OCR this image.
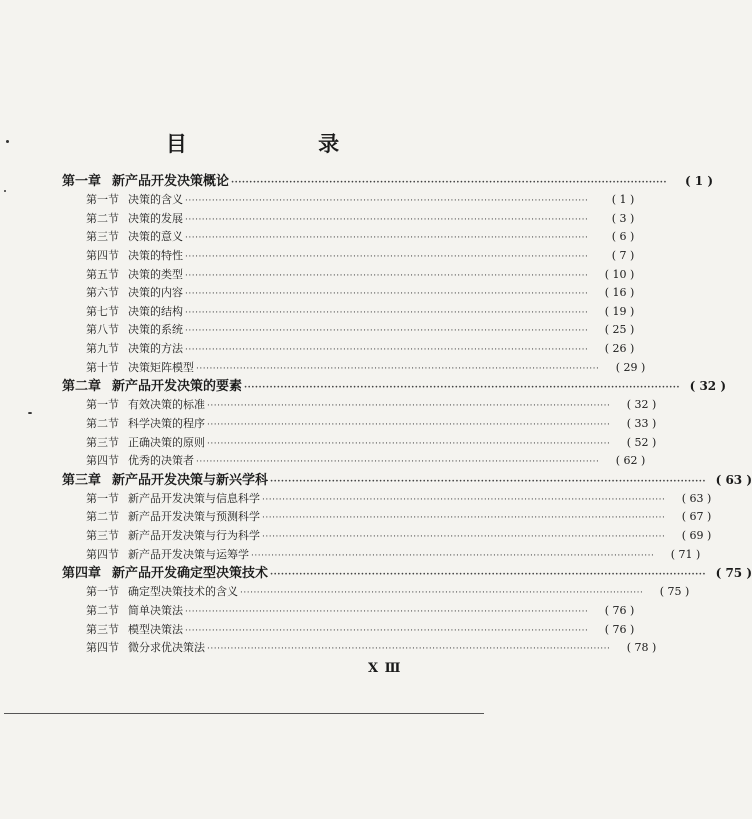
目 录
第一章 新产品开发决策概论 ························································································································	( 1 )
第一节 决策的含义 ························································································································	( 1 )
第二节 决策的发展 ························································································································	( 3 )
第三节 决策的意义 ························································································································	( 6 )
第四节 决策的特性 ························································································································	( 7 )
第五节 决策的类型 ························································································································	( 10 )
第六节 决策的内容 ························································································································	( 16 )
第七节 决策的结构 ························································································································	( 19 )
第八节 决策的系统 ························································································································	( 25 )
第九节 决策的方法 ························································································································	( 26 )
第十节 决策矩阵模型 ························································································································	( 29 )
第二章 新产品开发决策的要素 ························································································································ ( 32 )
第一节 有效决策的标准 ························································································································	( 32 )
第二节 科学决策的程序 ························································································································	( 33 )
第三节 正确决策的原则 ························································································································	( 52 )
第四节 优秀的决策者 ························································································································	( 62 )
第三章 新产品开发决策与新兴学科 ························································································································ ( 63 )
第一节 新产品开发决策与信息科学 ························································································································	( 63 )
第二节 新产品开发决策与预测科学 ························································································································	( 67 )
第三节 新产品开发决策与行为科学 ························································································································	( 69 )
第四节 新产品开发决策与运筹学 ························································································································	( 71 )
第四章 新产品开发确定型决策技术 ························································································································ ( 75 )
第一节 确定型决策技术的含义 ························································································································	( 75 )
第二节 简单决策法 ························································································································	( 76 )
第三节 模型决策法 ························································································································	( 76 )
第四节 微分求优决策法 ························································································································	( 78 )
X Ⅲ
